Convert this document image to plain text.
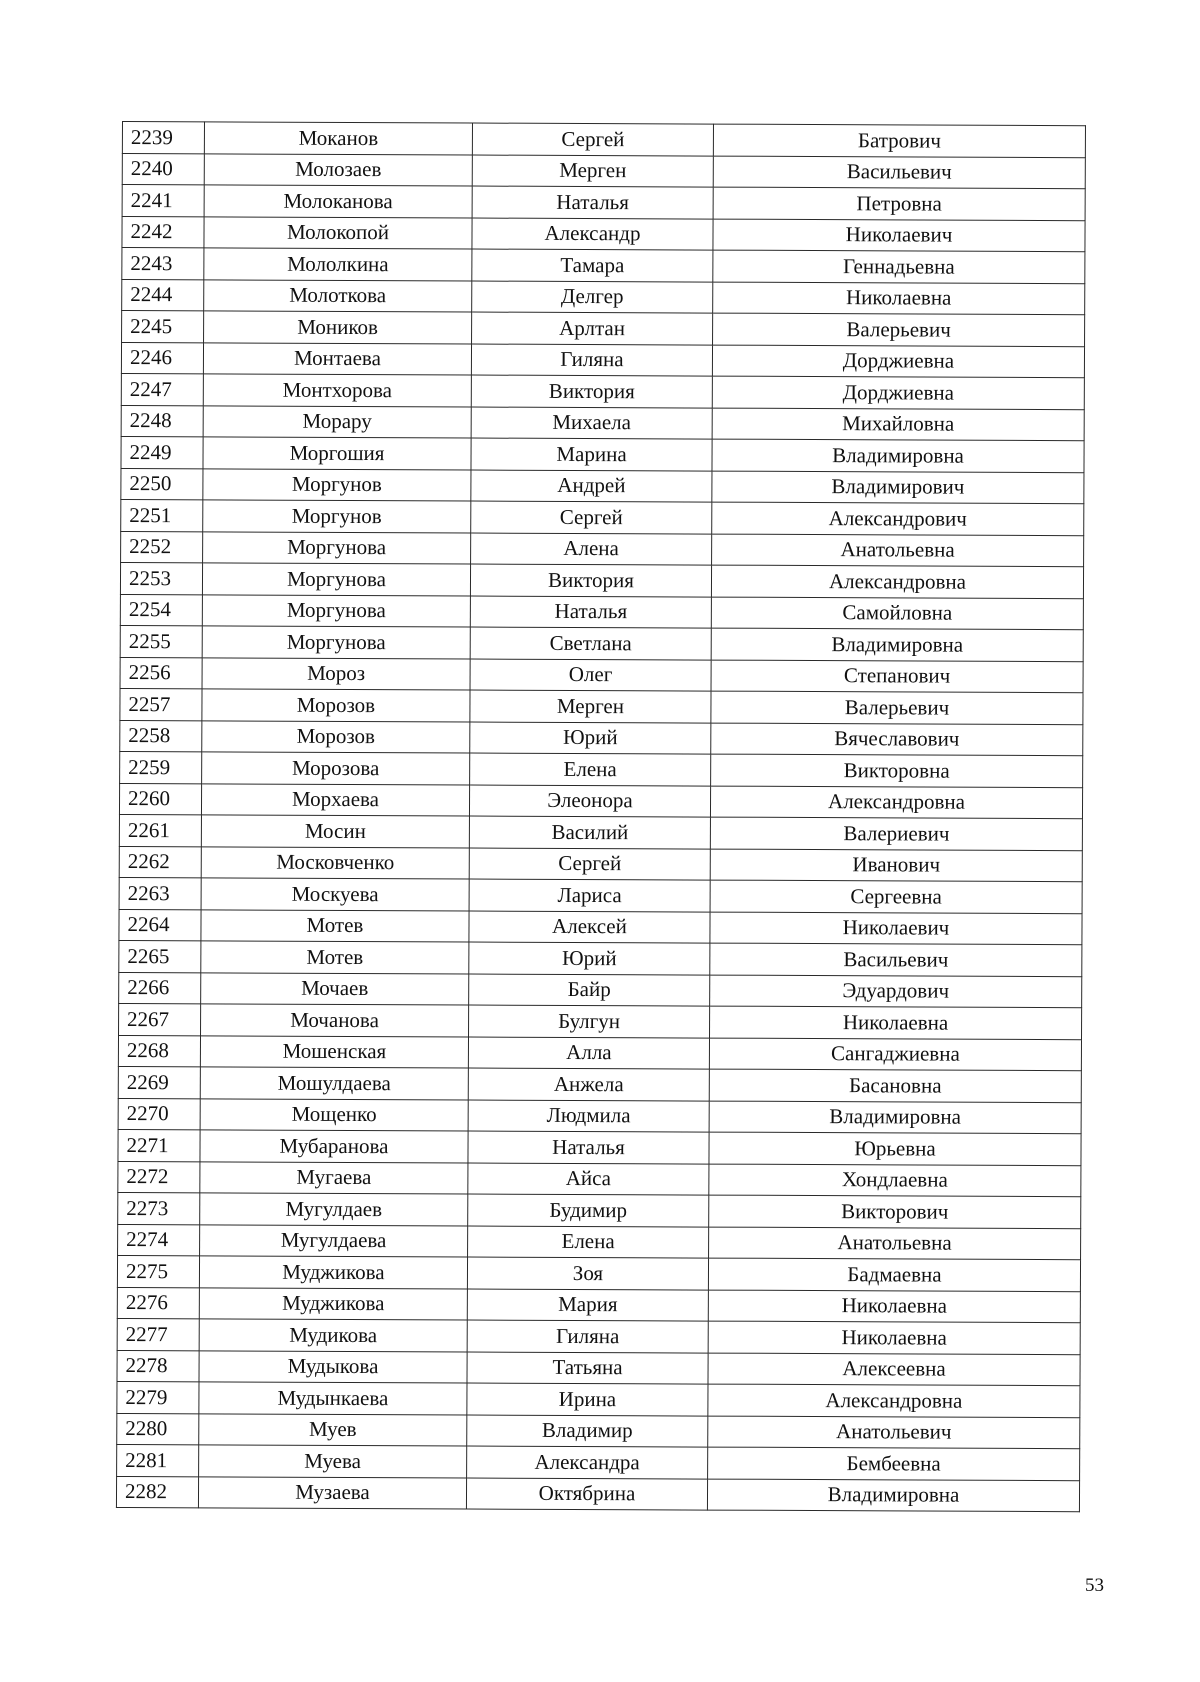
2239	Моканов	Сергей	Батрович
2240	Молозаев	Мерген	Васильевич
2241	Молоканова	Наталья	Петровна
2242	Молокопой	Александр	Николаевич
2243	Мололкина	Тамара	Геннадьевна
2244	Молоткова	Делгер	Николаевна
2245	Моников	Арлтан	Валерьевич
2246	Монтаева	Гиляна	Дорджиевна
2247	Монтхорова	Виктория	Дорджиевна
2248	Морару	Михаела	Михайловна
2249	Моргошия	Марина	Владимировна
2250	Моргунов	Андрей	Владимирович
2251	Моргунов	Сергей	Александрович
2252	Моргунова	Алена	Анатольевна
2253	Моргунова	Виктория	Александровна
2254	Моргунова	Наталья	Самойловна
2255	Моргунова	Светлана	Владимировна
2256	Мороз	Олег	Степанович
2257	Морозов	Мерген	Валерьевич
2258	Морозов	Юрий	Вячеславович
2259	Морозова	Елена	Викторовна
2260	Морхаева	Элеонора	Александровна
2261	Мосин	Василий	Валериевич
2262	Московченко	Сергей	Иванович
2263	Москуева	Лариса	Сергеевна
2264	Мотев	Алексей	Николаевич
2265	Мотев	Юрий	Васильевич
2266	Мочаев	Байр	Эдуардович
2267	Мочанова	Булгун	Николаевна
2268	Мошенская	Алла	Сангаджиевна
2269	Мошулдаева	Анжела	Басановна
2270	Мощенко	Людмила	Владимировна
2271	Мубаранова	Наталья	Юрьевна
2272	Мугаева	Айса	Хондлаевна
2273	Мугулдаев	Будимир	Викторович
2274	Мугулдаева	Елена	Анатольевна
2275	Муджикова	Зоя	Бадмаевна
2276	Муджикова	Мария	Николаевна
2277	Мудикова	Гиляна	Николаевна
2278	Мудыкова	Татьяна	Алексеевна
2279	Мудынкаева	Ирина	Александровна
2280	Муев	Владимир	Анатольевич
2281	Муева	Александра	Бембеевна
2282	Музаева	Октябрина	Владимировна
53
